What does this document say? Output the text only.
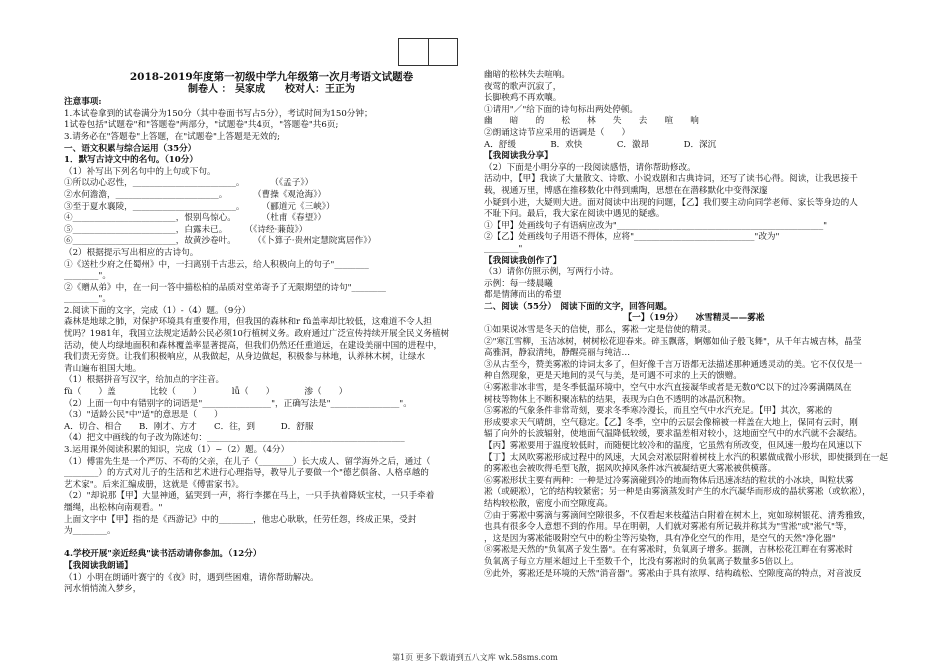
2018-2019年度第一初级中学九年级第一次月考语文试题卷
制卷人 ： 吴家成　　校对人：王正为
注意事项:
1.本试卷拿到的试卷满分为150分（其中卷面书写占5分），考试时间为150分钟；
1试卷包括"试题卷"和"答题卷"两部分，"试题卷"共4页，"答题卷"共6页;
3.请务必在"答题卷"上答题，在"试题卷"上答题是无效的;
一、语文积累与综合运用（35分）
1．默写古诗文中的名句。（10分）
（1）补写出下列名句中的上句或下句。
①所以动心忍性，________________________。　　　　（《孟子》）
②水何澹澹，________________________。　　　　（曹操《观沧海》）
③至于夏水襄陵，________________________。　　　（郦道元《三峡》）
④________________________，恨别鸟惊心。　　　　（杜甫《春望》）
⑤________________________，白露未已。　　　（《诗经·蒹葭》）
⑥________________________，故黄沙卷叶。　　　（《卜算子·贵州定慧院寓居作》）
（2）根据提示写出相应的古诗句。
①《送杜少府之任蜀州》中，一扫离别千古悲云，给人积极向上的句子"________
________"。
②《赠从弟》中，在一问一答中描松柏的品质对堂弟寄予了无限期望的诗句"________
________"。
2.阅读下面的文字，完成（1）-（4）题。（9分）
森林是地球之肺，对保护环境具有重要作用，但我国的森林和r fǔ盖率却比较低，这难道不令人担
忧吗？1981年，我国立法规定适龄公民必须10行植树义务。政府通过广泛宣传持续开展全民义务植树
活动，使人均绿地面积和森林覆盖率显著提高，但我们仍然还任重道远，在建设美丽中国的进程中，
我们责无旁贷。让我们积极响应，从我做起，从身边做起，积极参与林地，认养林木树，让绿水
青山遍布祖国大地。
（1）根据拼音写汉字，给加点的字注音。
fù（　　）盖　　　　比较（　　）　　　　lǚ（　　）　　　　渗（　　）
（2）上面一句中有错别字的词语是"________________"，正确写法是"________________"。
（3）"适龄公民"中"适"的意思是（　　）
A．切合、相合　　B．刚才、方才　　C．往，到　　　D．舒服
（4）把文中画线的句子改为陈述句：______________________________________________
3.运用课外阅读积累的知识，完成（1）~（2）题。（4分）
（1）傅雷先生是一个严厉、不苟的父亲，在儿子（________）长大成人、留学海外之后，通过（
________）的方式对儿子的生活和艺术进行心理指导，教导儿子要做一个"德艺俱备、人格卓越的
艺术家"。后来汇编成册，这就是《傅雷家书》。
（2）"却说那【甲】大显神通，猛哭到一声，将行李摞在马上，一只手执着降妖宝杖，一只手牵着
缰绳，出松林向南观看。"
上面文字中【甲】指的是《西游记》中的________，他忠心耿耿，任劳任怨，终成正果，受封
为________。
4.学校开展"亲近经典"读书活动请你参加。（12分）
【我阅读我朗诵】
（1）小明在朗诵叶赛宁的《夜》时，遇到些困难，请你帮助解决。
河水悄悄流入梦乡，
幽暗的松林失去喧响。
夜莺的歌声沉寂了，
长脚秧鸡不再欢嚷。
①请用"／"给下面的诗句标出两处停顿。
幽　　暗　　的　　松　　林　　失　　去　　喧　　响
②朗诵这诗节应采用的语调是（　　）
A．舒缓　　　　B．欢快　　　　C．激昂　　　　D．深沉
【我阅读我分享】
（2）下面是小明分享的一段阅读感悟，请你帮助修改。
活动中，【甲】我读了大量散文、诗歌、小说戏剧和古典诗词，还写了读书心得。阅读，让我思接千
载，视通万里，博感在推移数化中得到熏陶，思想在在潜移默化中变得深邃
小疑到小进，大疑则大进。面对阅读中出现的问题，【乙】我们要主动向同学老师、家长等身边的人
不耻下问。最后，我大家在阅读中遇见的疑惑。
①【甲】处画线句子有语病应改为"________________________________________________"
②【乙】处画线句子用语不得体，应将"____________________________"改为"
________"
【我阅读我创作了】
（3）请你仿照示例，写两行小诗。
示例：每一缕晨曦
都是情薄而出的希望
二、阅读（55分）　阅读下面的文字，回答问题。
【一】（19分）　　冰雪精灵——雾凇
①如果说冰雪是冬天的信使，那么，雾凇一定是信使的精灵。
②"寒江雪柳，玉洁冰树，树树松花迎春来。碎玉飘落，婀娜如仙子般飞舞"，从千年古城吉林，晶莹
高雅洞，静寂清纯，静醒亮丽与纯洁…
③从古至今，赞美雾凇的诗词太多了，但好像千言万语都无法描述那种通透灵动的美。它不仅仅是一
种自然现象，更是天地间的灵气与美，是可遇不可求的上天的馈赠。
④雾凇非冰非雪，是冬季低温环境中，空气中水汽直接凝华或者是无数0℃以下的过冷雾满隅凤在
树枝等物体上不断积聚冻粘的结果，表现为白色不透明的冰晶沉积物。
⑤雾凇的气象条件非常苛刻，要求冬季寒冷漫长，而且空气中水汽充足。【甲】其次，雾凇的
形成要求天气晴朗，空气稳定。【乙】冬季，空中的云层会像棉被一样盖在大地上，保同有云时，刚
辐了向外的长波辐射，使地面气温降低较缓，要求温差相对较小，这地面空气中的水汽就不会凝结。
【丙】雾凇要用于温度较低时，而随便比较冷和的温度，它虽然有所改变，但风速一般均在风速以下
【丁】太风吹雾凇形成过程中的风速，大风会对凇层附着树枝上水汽的积累做成微小形状，即使摄到在一起
的雾凇也会被吹得毛型飞散，据风吹掉风条件冰汽被凝结更大雾凇被供模落。
⑥雾凇形状主要有两种：一种是过冷雾滴碰到冷的地而物体后迅速冻结的粒状的小冰块，叫粒状雾
凇（或硬凇），它的结构较紧密；另一种是由雾滴蒸发时产生的水汽凝华而形成的晶状雾凇（或软凇），
结构较松散，密度小而空隙度高。
⑦由于雾凇中雾滴与雾滴间空隙很多，不仅看起来枝蕴洁白附着在树木上，宛如琼树银花、清秀雅致，
也具有很多令人意想不到的作用。早在明朝，人们就对雾凇有所记载并称其为"雪淞"或"淞气"等，
，这是因为雾凇能吸附空气中的粉尘等污染物，具有净化空气的作用，是空气的天然"净化器"
⑧雾凇是天然的"负氧离子发生器"。在有雾凇时，负氧离子增多。据测，吉林松花江畔在有雾凇时
负氧离子每立方厘米超过上千至数千个，比没有雾凇时的负氧离子数量多5倍以上。
⑨此外，雾凇还是环境的天然"消音器"。雾凇由于具有浓厚、结构疏松、空隙度高的特点，对音波反
第1页 更多下载请到五八文库 wk.58sms.com
